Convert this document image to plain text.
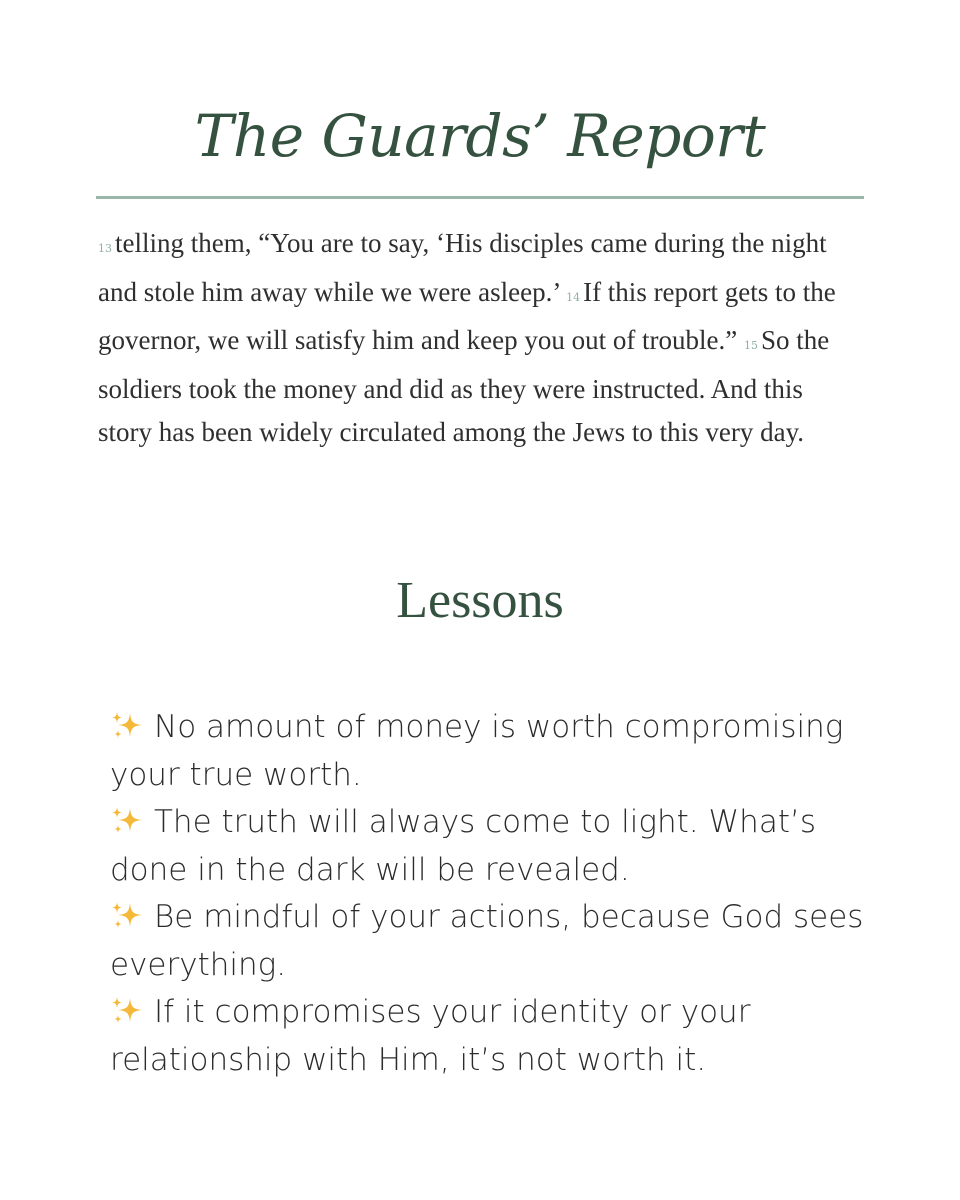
The Guards’ Report

13 telling them, “You are to say, ‘His disciples came during the night and stole him away while we were asleep.’ 14 If this report gets to the governor, we will satisfy him and keep you out of trouble.” 15 So the soldiers took the money and did as they were instructed. And this story has been widely circulated among the Jews to this very day.

Lessons
No amount of money is worth compromising your true worth.
The truth will always come to light. What’s done in the dark will be revealed.
Be mindful of your actions, because God sees everything.
If it compromises your identity or your relationship with Him, it’s not worth it.
